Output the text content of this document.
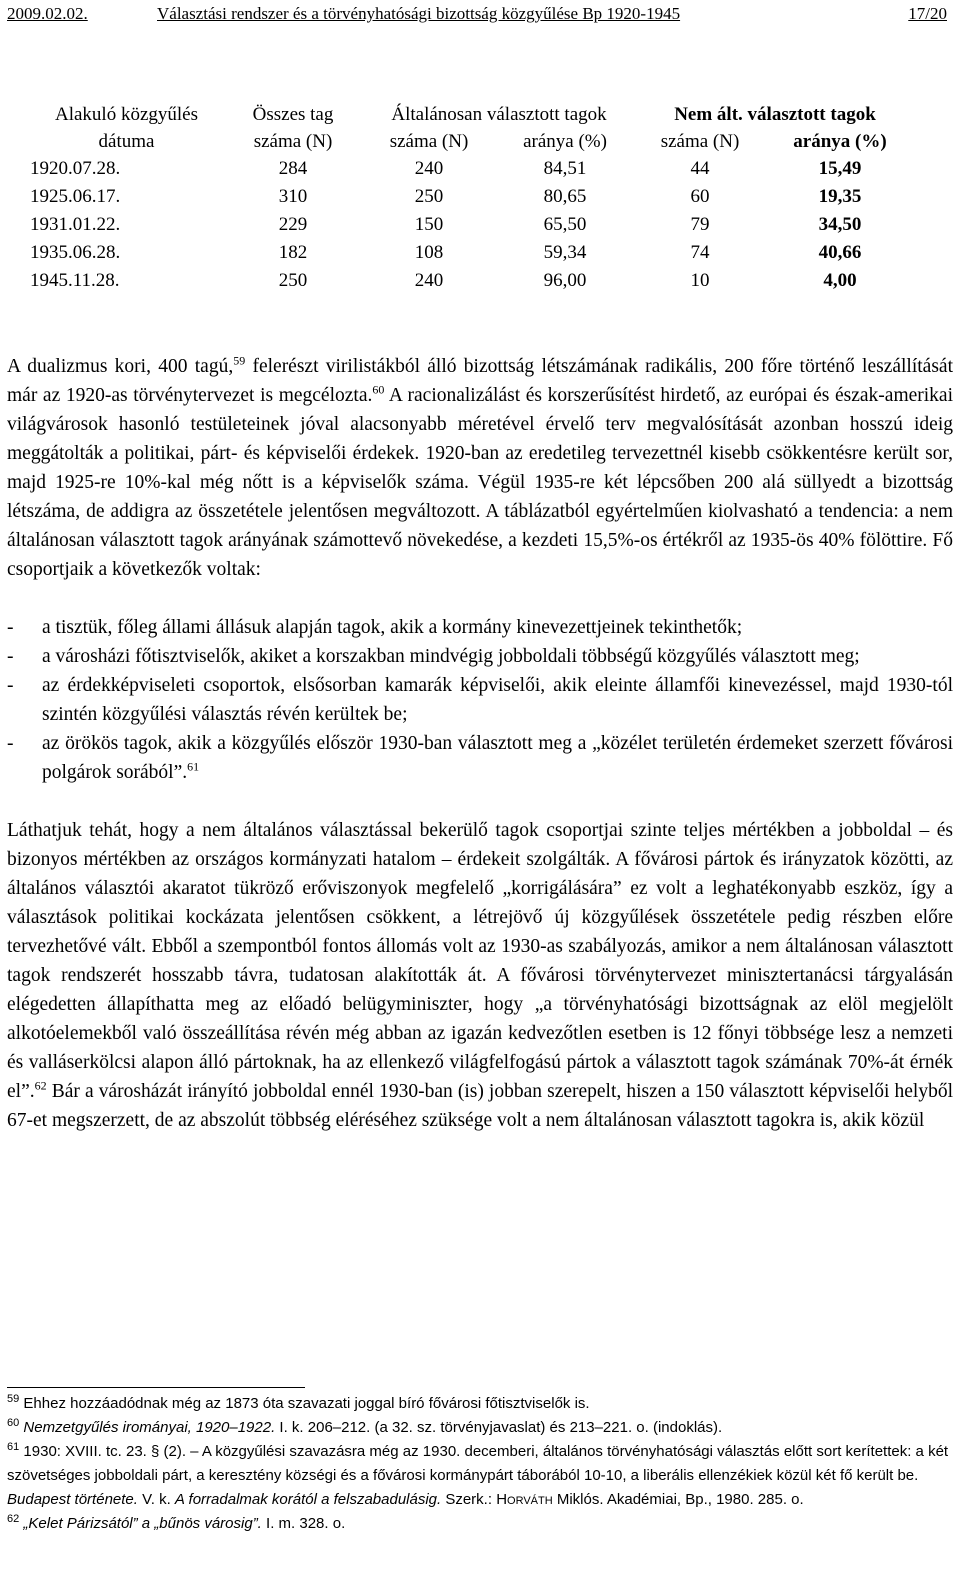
2009.02.02.	Választási rendszer és a törvényhatósági bizottság közgyűlése Bp 1920-1945	17/20
Alakuló közgyűlés	Összes tag	Általánosan választott tagok		Nem ált. választott tagok	
dátuma	száma (N)	száma (N)	aránya (%)	száma (N)	aránya (%)
1920.07.28.	284	240	84,51	44	15,49
1925.06.17.	310	250	80,65	60	19,35
1931.01.22.	229	150	65,50	79	34,50
1935.06.28.	182	108	59,34	74	40,66
1945.11.28.	250	240	96,00	10	4,00

A dualizmus kori, 400 tagú,$^{59}$ felerészt virilistákból álló bizottság létszámának radikális, 200 főre történő leszállítását már az 1920-as törvénytervezet is megcélozta.$^{60}$ A racionalizálást és korszerűsítést hirdető, az európai és észak-amerikai világvárosok hasonló testületeinek jóval alacsonyabb méretével érvelő terv megvalósítását azonban hosszú ideig meggátolták a politikai, párt- és képviselői érdekek. 1920-ban az eredetileg tervezettnél kisebb csökkentésre került sor, majd 1925-re 10%-kal még nőtt is a képviselők száma. Végül 1935-re két lépcsőben 200 alá süllyedt a bizottság létszáma, de addigra az összetétele jelentősen megváltozott. A táblázatból egyértelműen kiolvasható a tendencia: a nem általánosan választott tagok arányának számottevő növekedése, a kezdeti 15,5%-os értékről az 1935-ös 40% fölöttire. Fő csoportjaik a következők voltak:

- a tisztük, főleg állami állásuk alapján tagok, akik a kormány kinevezettjeinek tekinthetők;
- a városházi főtisztviselők, akiket a korszakban mindvégig jobboldali többségű közgyűlés választott meg;
- az érdekképviseleti csoportok, elsősorban kamarák képviselői, akik eleinte államfői kinevezéssel, majd 1930-tól szintén közgyűlési választás révén kerültek be;
- az örökös tagok, akik a közgyűlés először 1930-ban választott meg a „közélet területén érdemeket szerzett fővárosi polgárok sorából”.$^{61}$

Láthatjuk tehát, hogy a nem általános választással bekerülő tagok csoportjai szinte teljes mértékben a jobboldal – és bizonyos mértékben az országos kormányzati hatalom – érdekeit szolgálták. A fővárosi pártok és irányzatok közötti, az általános választói akaratot tükröző erőviszonyok megfelelő „korrigálására” ez volt a leghatékonyabb eszköz, így a választások politikai kockázata jelentősen csökkent, a létrejövő új közgyűlések összetétele pedig részben előre tervezhetővé vált. Ebből a szempontból fontos állomás volt az 1930-as szabályozás, amikor a nem általánosan választott tagok rendszerét hosszabb távra, tudatosan alakították át. A fővárosi törvénytervezet minisztertanácsi tárgyalásán elégedetten állapíthatta meg az előadó belügyminiszter, hogy „a törvényhatósági bizottságnak az elöl megjelölt alkotóelemekből való összeállítása révén még abban az igazán kedvezőtlen esetben is 12 főnyi többsége lesz a nemzeti és valláserkölcsi alapon álló pártoknak, ha az ellenkező világfelfogású pártok a választott tagok számának 70%-át érnék el”.$^{62}$ Bár a városházát irányító jobboldal ennél 1930-ban (is) jobban szerepelt, hiszen a 150 választott képviselői helyből 67-et megszerzett, de az abszolút többség eléréséhez szüksége volt a nem általánosan választott tagokra is, akik közül

$^{59}$ Ehhez hozzáadódnak még az 1873 óta szavazati joggal bíró fővárosi főtisztviselők is.

$^{60}$ Nemzetgyűlés irományai, 1920–1922. I. k. 206–212. (a 32. sz. törvényjavaslat) és 213–221. o. (indoklás).

$^{61}$ 1930: XVIII. tc. 23. § (2). – A közgyűlési szavazásra még az 1930. decemberi, általános törvényhatósági választás előtt sort kerítettek: a két szövetséges jobboldali párt, a keresztény községi és a fővárosi kormánypárt táborából 10-10, a liberális ellenzékiek közül két fő került be. Budapest története. V. k. A forradalmak korától a felszabadulásig. Szerk.: Horváth Miklós. Akadémiai, Bp., 1980. 285. o.

$^{62}$ „Kelet Párizsától” a „bűnös városig”. I. m. 328. o.
